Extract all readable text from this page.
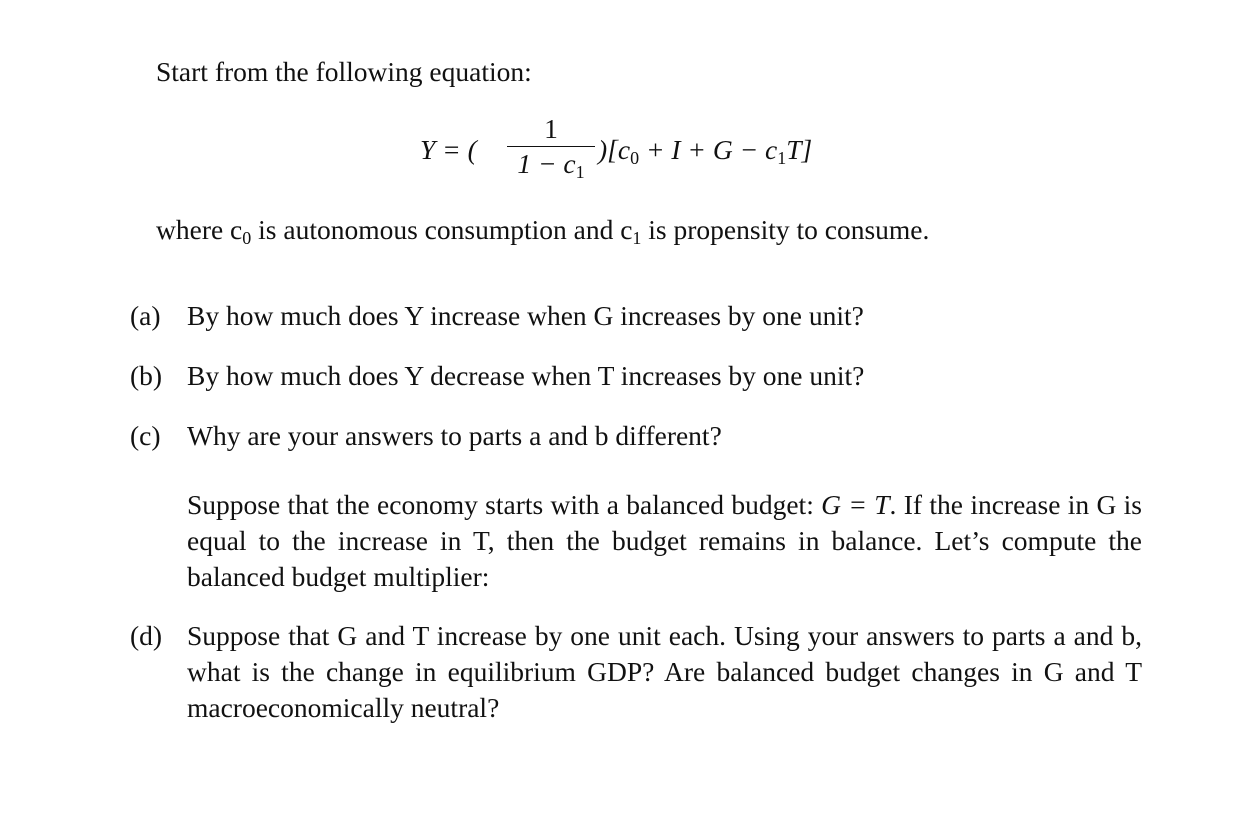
Start from the following equation:
Y = (
1
$1 - c_1$
)$[c_0 + I + G - c_1T]$
where $c_0$ is autonomous consumption and $c_1$ is propensity to consume.
(a) By how much does Y increase when G increases by one unit?
(b) By how much does Y decrease when T increases by one unit?
(c) Why are your answers to parts a and b different?
Suppose that the economy starts with a balanced budget: G = T. If the increase in G is equal to the increase in T, then the budget remains in balance. Let’s compute the balanced budget multiplier:
(d) Suppose that G and T increase by one unit each. Using your answers to parts a and b, what is the change in equilibrium GDP? Are balanced budget changes in G and T macroeconomically neutral?
